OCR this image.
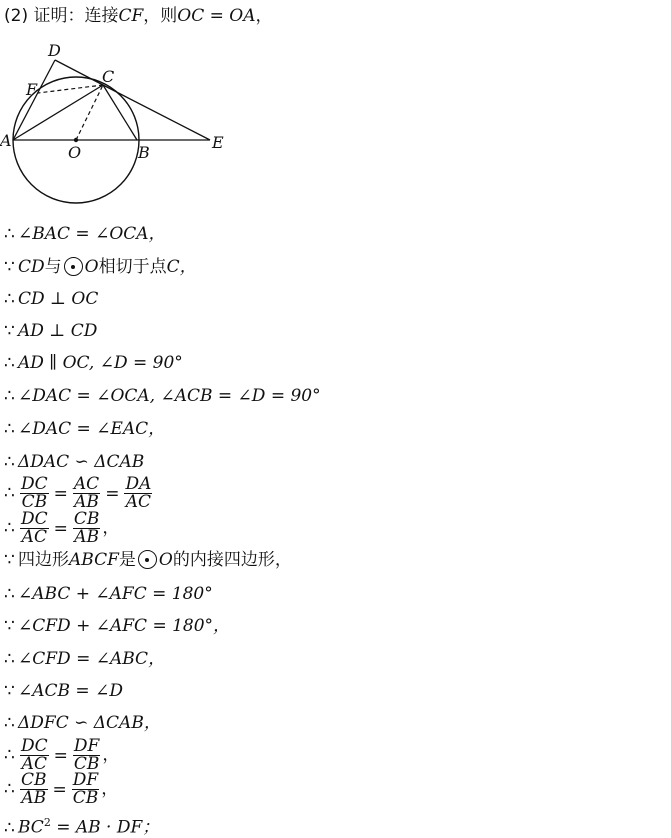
(2) 证明：连接CF，则OC = OA，
D
F
C
A
O	B
E
∴ ∠BAC = ∠OCA，
∵ CD与 O相切于点C，
∴ CD ⊥ OC
∵ AD ⊥ CD
∴ AD ∥ OC, ∠D = 90°
∴ ∠DAC = ∠OCA, ∠ACB = ∠D = 90°
∴ ∠DAC = ∠EAC，
∴ ΔDAC ∽ ΔCAB
∴ $\frac{DC}{CB} = \frac{AC}{AB} = \frac{DA}{AC}$
∴ $\frac{DC}{AC} = \frac{CB}{AB}$ ，
∵ 四边形ABCF是 O的内接四边形，
∴ ∠ABC + ∠AFC = 180°
∵ ∠CFD + ∠AFC = 180°，
∴ ∠CFD = ∠ABC，
∵ ∠ACB = ∠D
∴ ΔDFC ∽ ΔCAB，
∴ $\frac{DC}{AC} = \frac{DF}{CB}$ ，
∴ $\frac{CB}{AB} = \frac{DF}{CB}$ ，
∴ $BC^2$ = AB · DF；
